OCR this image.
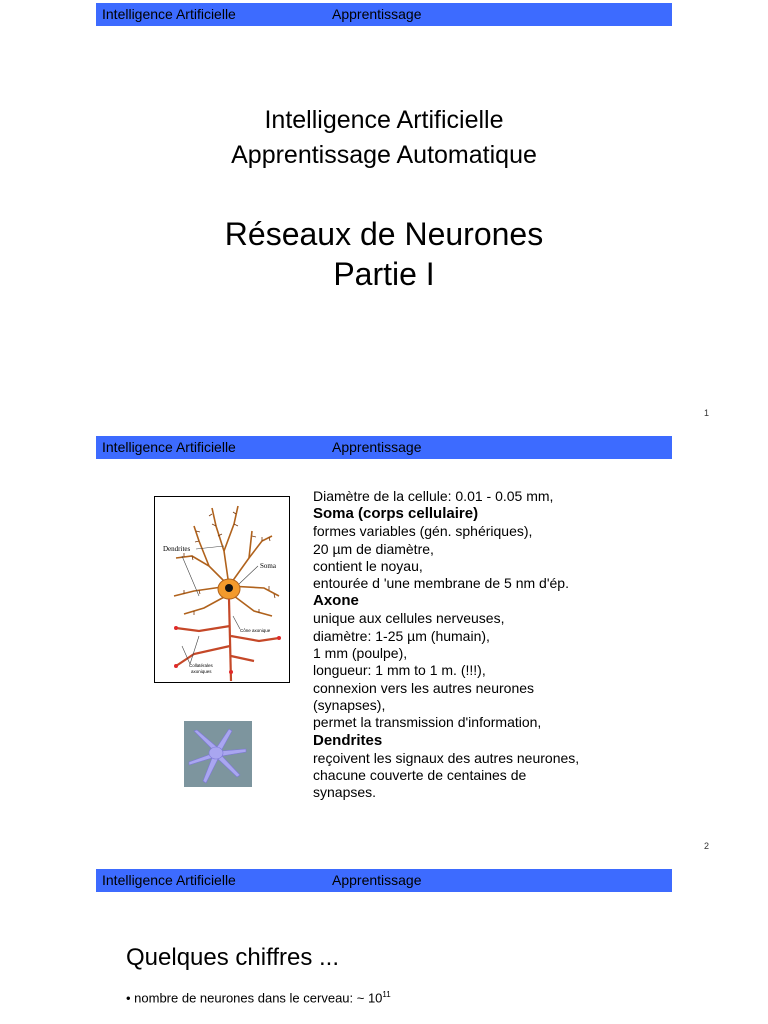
Intelligence Artificielle	Apprentissage
Intelligence Artificielle
Apprentissage Automatique
Réseaux de Neurones
Partie I
1
Intelligence Artificielle	Apprentissage
Dendrites
Soma
Cône axonique
Collatérales
axoniques
Diamètre de la cellule: 0.01 - 0.05 mm,
Soma (corps cellulaire)
formes variables (gén. sphériques),
20 µm de diamètre,
contient le noyau,
entourée d 'une membrane de 5 nm d'ép.
Axone
unique aux cellules nerveuses,
diamètre: 1-25 µm (humain),
1 mm (poulpe),
longueur: 1 mm to 1 m. (!!!),
connexion vers les autres neurones
(synapses),
permet la transmission d'information,
Dendrites
reçoivent les signaux des autres neurones,
chacune couverte de centaines de
synapses.
2
Intelligence Artificielle	Apprentissage
Quelques chiffres ...
• nombre de neurones dans le cerveau: ~ $10^{11}$
